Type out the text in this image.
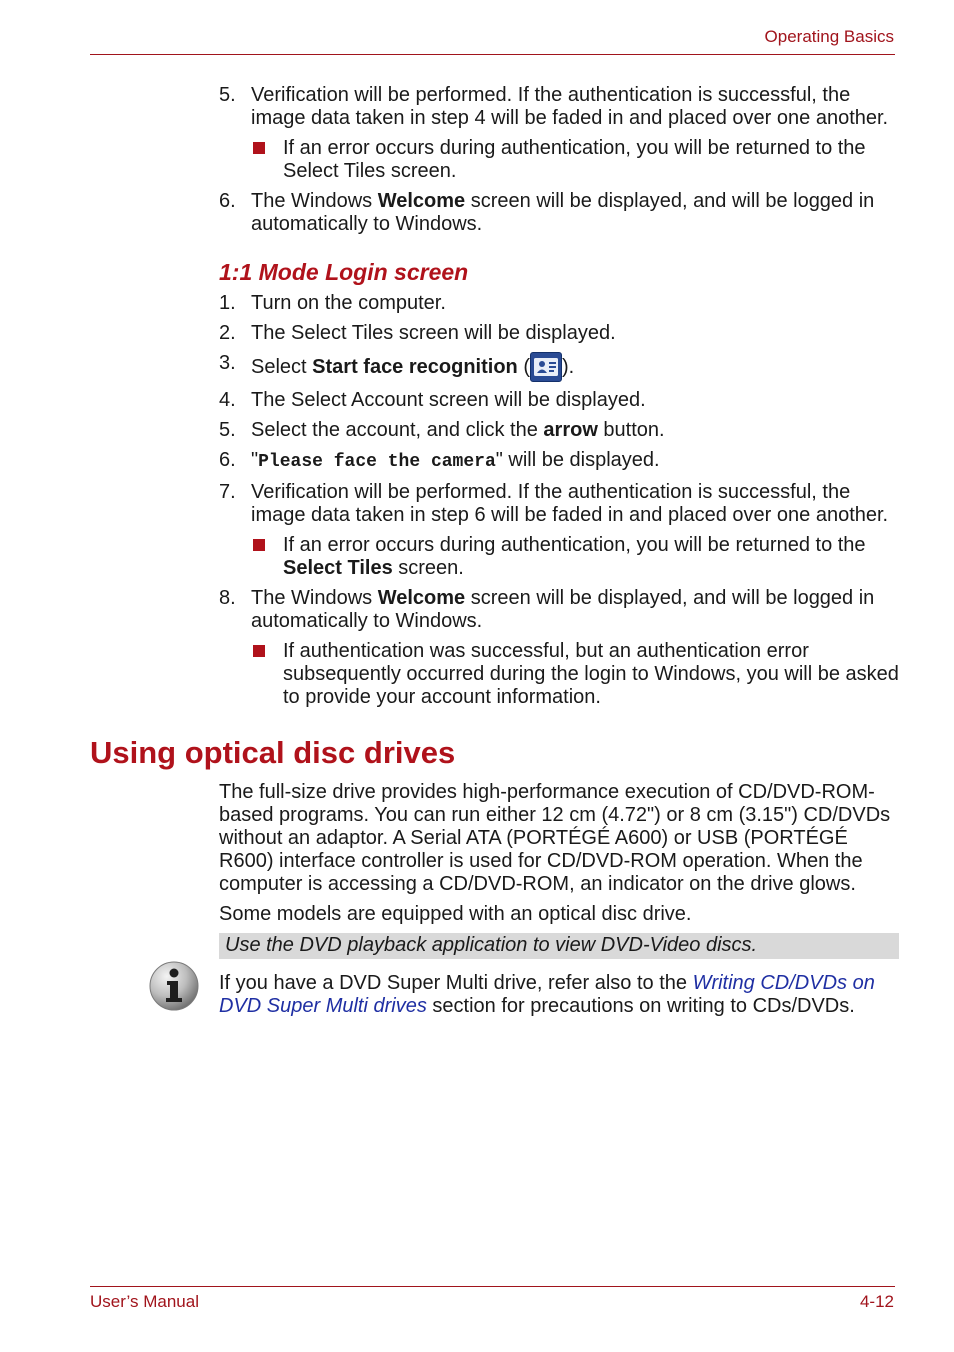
Operating Basics
5. Verification will be performed. If the authentication is successful, the image data taken in step 4 will be faded in and placed over one another.
If an error occurs during authentication, you will be returned to the Select Tiles screen.
6. The Windows Welcome screen will be displayed, and will be logged in automatically to Windows.
1:1 Mode Login screen
1. Turn on the computer.
2. The Select Tiles screen will be displayed.
3. Select Start face recognition ( ).
4. The Select Account screen will be displayed.
5. Select the account, and click the arrow button.
6. "Please face the camera" will be displayed.
7. Verification will be performed. If the authentication is successful, the image data taken in step 6 will be faded in and placed over one another.
If an error occurs during authentication, you will be returned to the Select Tiles screen.
8. The Windows Welcome screen will be displayed, and will be logged in automatically to Windows.
If authentication was successful, but an authentication error subsequently occurred during the login to Windows, you will be asked to provide your account information.
Using optical disc drives

The full-size drive provides high-performance execution of CD/DVD-ROM-based programs. You can run either 12 cm (4.72") or 8 cm (3.15") CD/DVDs without an adaptor. A Serial ATA (PORTÉGÉ A600) or USB (PORTÉGÉ R600) interface controller is used for CD/DVD-ROM operation. When the computer is accessing a CD/DVD-ROM, an indicator on the drive glows.

Some models are equipped with an optical disc drive.

Use the DVD playback application to view DVD-Video discs.

If you have a DVD Super Multi drive, refer also to the Writing CD/DVDs on DVD Super Multi drives section for precautions on writing to CDs/DVDs.

User’s Manual	4-12
